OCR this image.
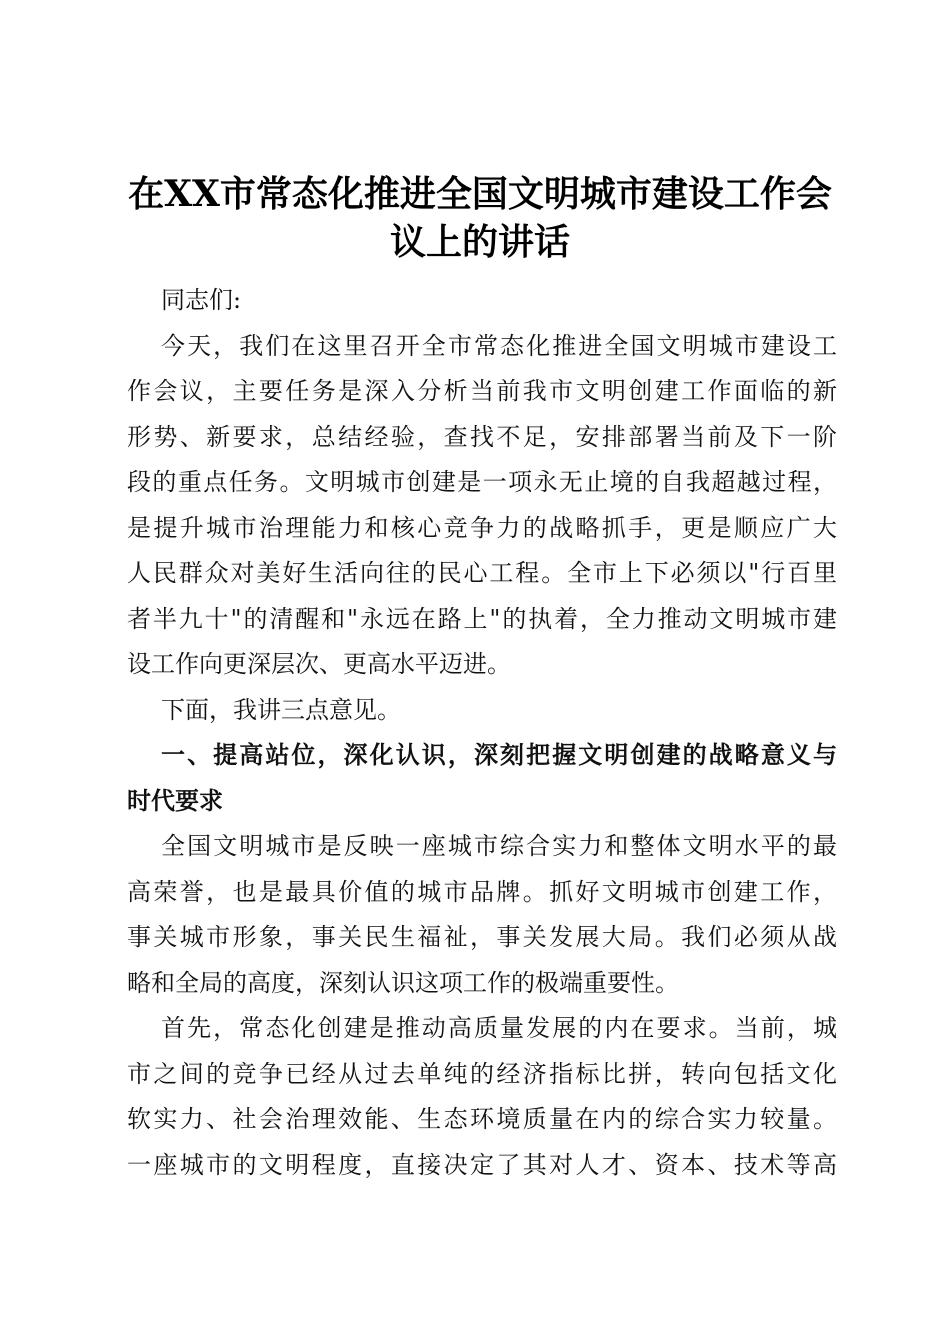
在XX市常态化推进全国文明城市建设工作会
议上的讲话
同志们:
今天，我们在这里召开全市常态化推进全国文明城市建设工
作会议，主要任务是深入分析当前我市文明创建工作面临的新
形势、新要求，总结经验，查找不足，安排部署当前及下一阶
段的重点任务。文明城市创建是一项永无止境的自我超越过程，
是提升城市治理能力和核心竞争力的战略抓手，更是顺应广大
人民群众对美好生活向往的民心工程。全市上下必须以"行百里
者半九十"的清醒和"永远在路上"的执着，全力推动文明城市建
设工作向更深层次、更高水平迈进。
下面，我讲三点意见。
一、提高站位，深化认识，深刻把握文明创建的战略意义与
时代要求
全国文明城市是反映一座城市综合实力和整体文明水平的最
高荣誉，也是最具价值的城市品牌。抓好文明城市创建工作，
事关城市形象，事关民生福祉，事关发展大局。我们必须从战
略和全局的高度，深刻认识这项工作的极端重要性。
首先，常态化创建是推动高质量发展的内在要求。当前，城
市之间的竞争已经从过去单纯的经济指标比拼，转向包括文化
软实力、社会治理效能、生态环境质量在内的综合实力较量。
一座城市的文明程度，直接决定了其对人才、资本、技术等高
